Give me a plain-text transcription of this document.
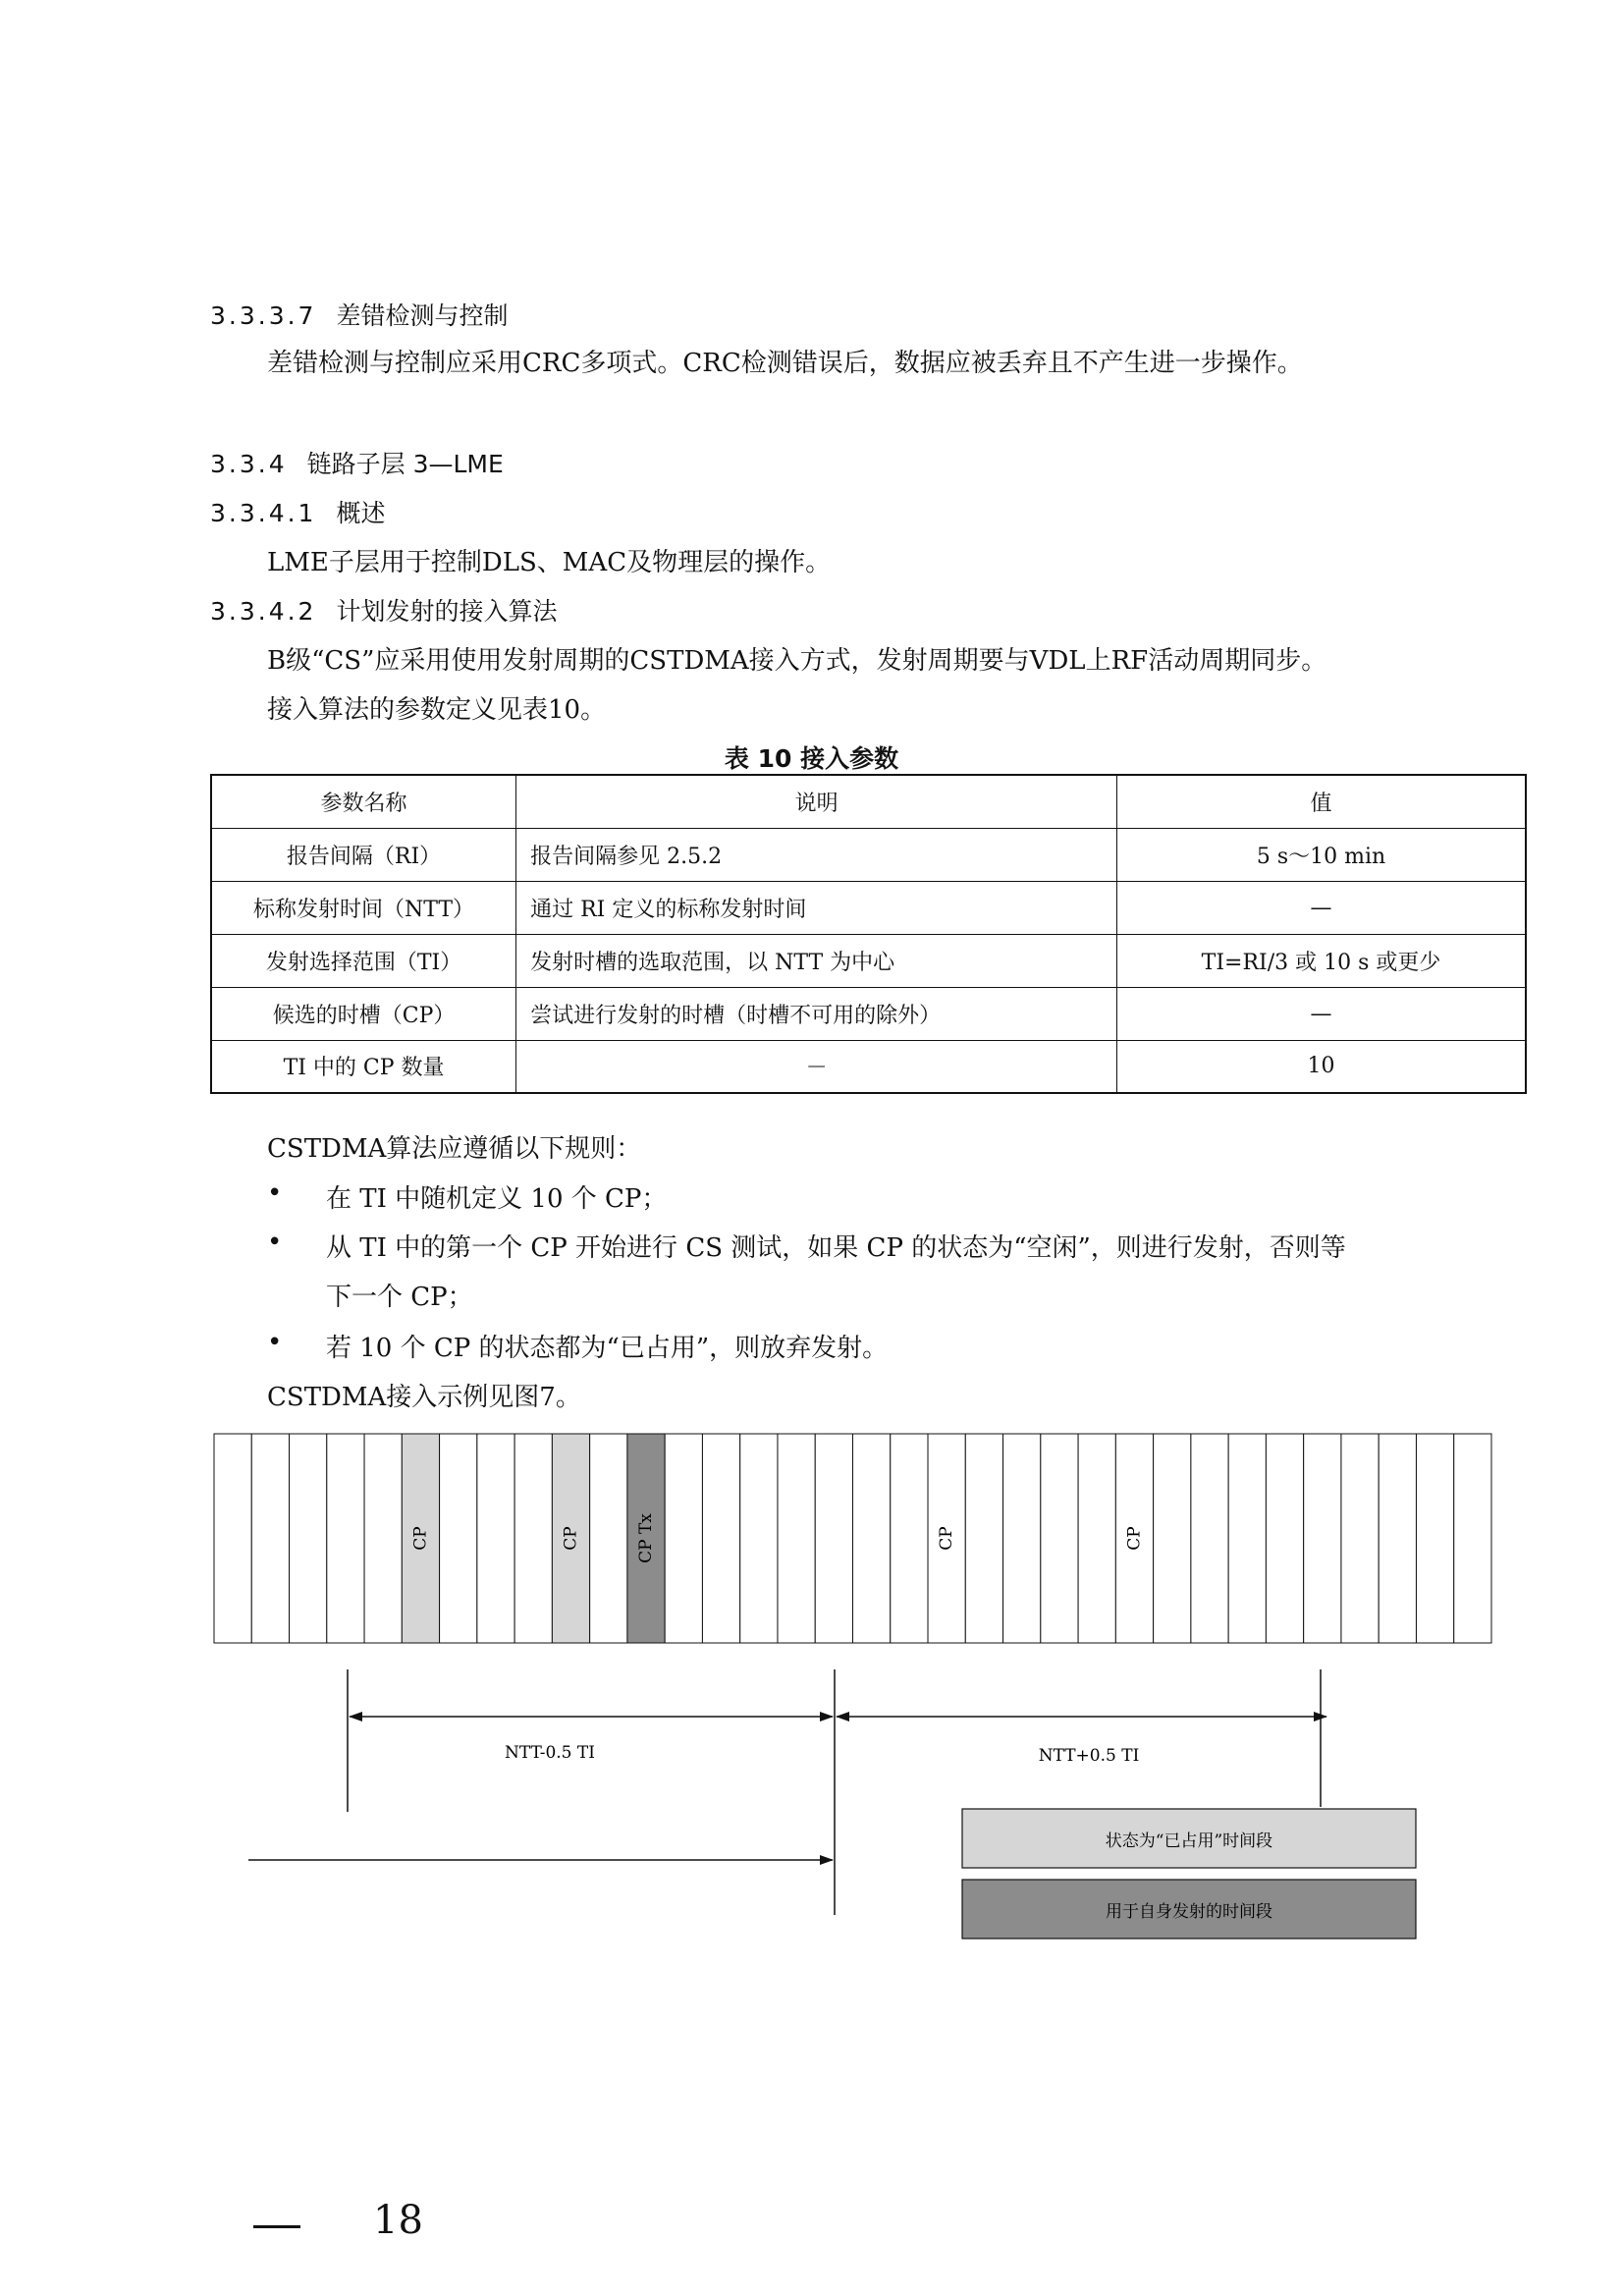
3.3.3.7 差错检测与控制
差错检测与控制应采用CRC多项式。CRC检测错误后，数据应被丢弃且不产生进一步操作。
3.3.4 链路子层 3—LME
3.3.4.1 概述
LME子层用于控制DLS、MAC及物理层的操作。
3.3.4.2 计划发射的接入算法
B级“CS”应采用使用发射周期的CSTDMA接入方式，发射周期要与VDL上RF活动周期同步。
接入算法的参数定义见表10。
表 10 接入参数
参数名称	说明	值
报告间隔（RI）	报告间隔参见 2.5.2	5 s～10 min
标称发射时间（NTT）	通过 RI 定义的标称发射时间	—
发射选择范围（TI）	发射时槽的选取范围，以 NTT 为中心	TI=RI/3 或 10 s 或更少
候选的时槽（CP）	尝试进行发射的时槽（时槽不可用的除外）	—
TI 中的 CP 数量	－	10
CSTDMA算法应遵循以下规则：
• 在 TI 中随机定义 10 个 CP；
• 从 TI 中的第一个 CP 开始进行 CS 测试，如果 CP 的状态为“空闲”，则进行发射，否则等
下一个 CP；
• 若 10 个 CP 的状态都为“已占用”，则放弃发射。
CSTDMA接入示例见图7。
CP	CP	CP Tx	CP	CP
NTT-0.5 TI	NTT+0.5 TI
状态为“已占用”时间段
用于自身发射的时间段
18
